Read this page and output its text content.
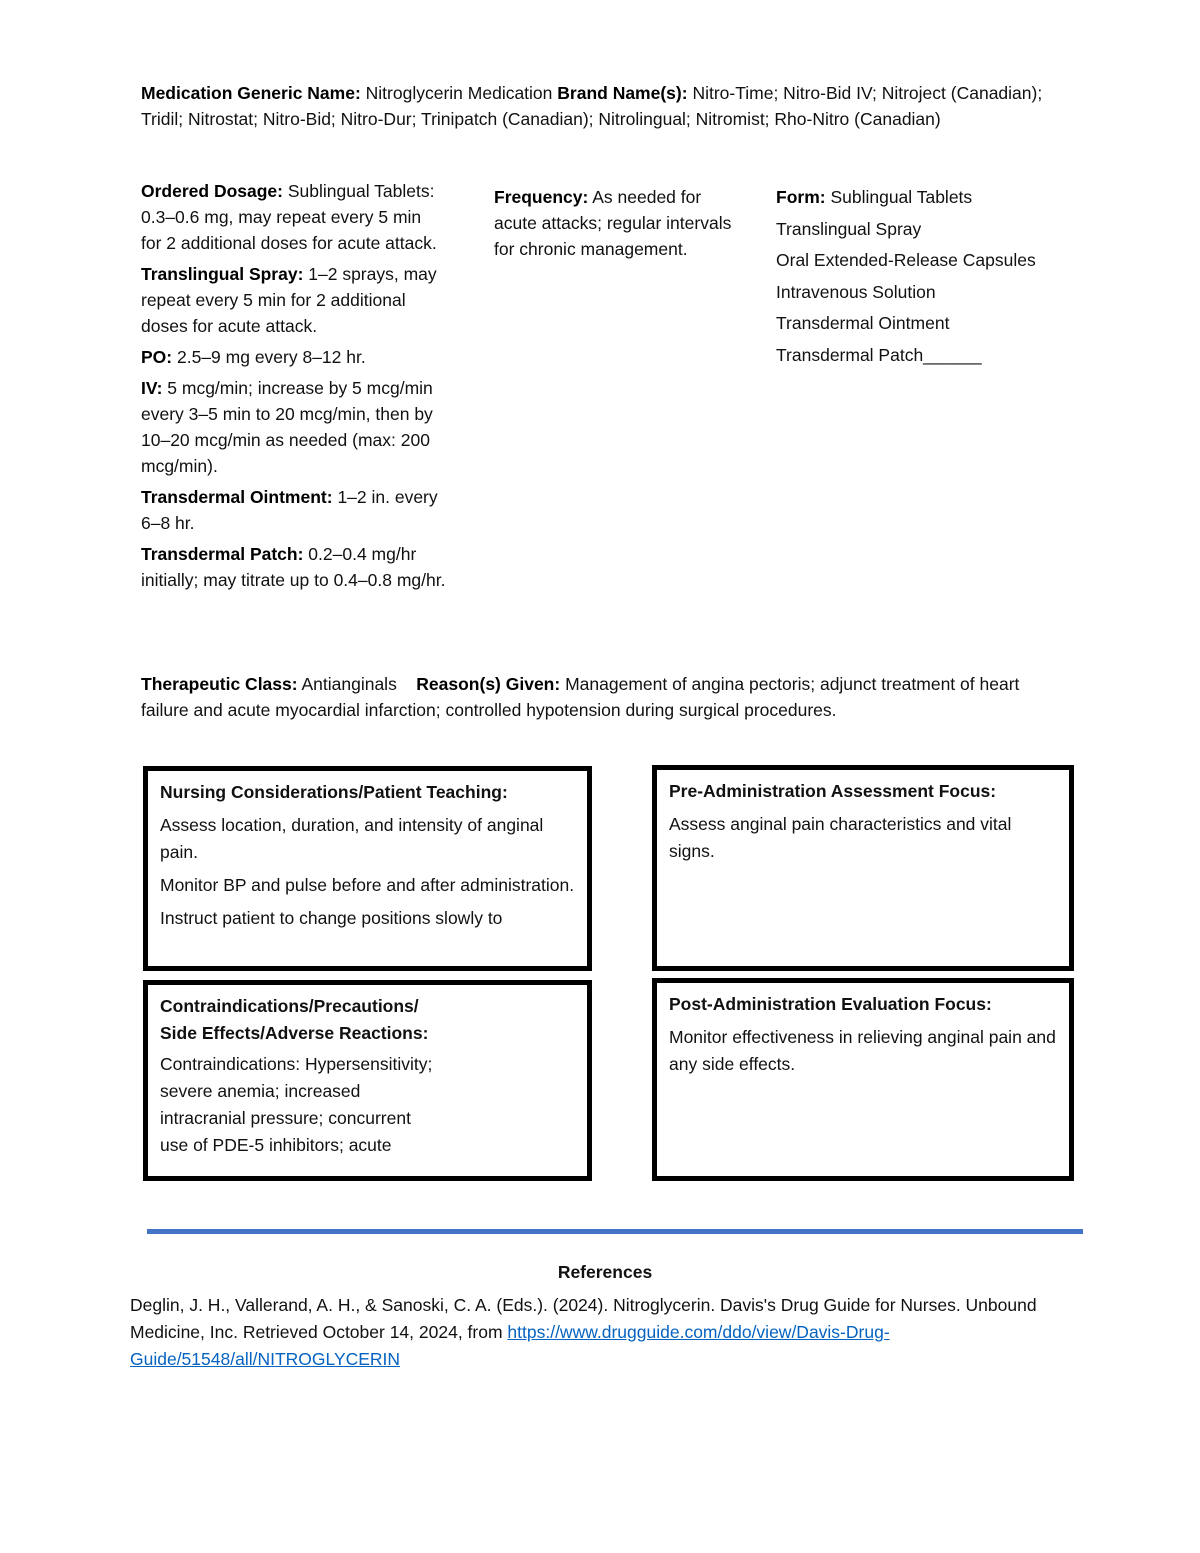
Medication Generic Name: Nitroglycerin Medication Brand Name(s): Nitro-Time; Nitro-Bid IV; Nitroject (Canadian); Tridil; Nitrostat; Nitro-Bid; Nitro-Dur; Trinipatch (Canadian); Nitrolingual; Nitromist; Rho-Nitro (Canadian)

Ordered Dosage: Sublingual Tablets: 0.3–0.6 mg, may repeat every 5 min for 2 additional doses for acute attack.

Translingual Spray: 1–2 sprays, may repeat every 5 min for 2 additional doses for acute attack.

PO: 2.5–9 mg every 8–12 hr.

IV: 5 mcg/min; increase by 5 mcg/min every 3–5 min to 20 mcg/min, then by 10–20 mcg/min as needed (max: 200 mcg/min).

Transdermal Ointment: 1–2 in. every 6–8 hr.

Transdermal Patch: 0.2–0.4 mg/hr initially; may titrate up to 0.4–0.8 mg/hr.

Frequency: As needed for acute attacks; regular intervals for chronic management.
Form: Sublingual Tablets
Translingual Spray
Oral Extended-Release Capsules
Intravenous Solution
Transdermal Ointment
Transdermal Patch______
Therapeutic Class: Antianginals    Reason(s) Given: Management of angina pectoris; adjunct treatment of heart failure and acute myocardial infarction; controlled hypotension during surgical procedures.
Nursing Considerations/Patient Teaching:

Assess location, duration, and intensity of anginal pain.

Monitor BP and pulse before and after administration.

Instruct patient to change positions slowly to

Pre-Administration Assessment Focus:

Assess anginal pain characteristics and vital signs.

Contraindications/Precautions/
Side Effects/Adverse Reactions:

Contraindications: Hypersensitivity;

severe anemia; increased

intracranial pressure; concurrent

use of PDE-5 inhibitors; acute

Post-Administration Evaluation Focus:

Monitor effectiveness in relieving anginal pain and any side effects.

References
Deglin, J. H., Vallerand, A. H., & Sanoski, C. A. (Eds.). (2024). Nitroglycerin. Davis's Drug Guide for Nurses. Unbound Medicine, Inc. Retrieved October 14, 2024, from https://www.drugguide.com/ddo/view/Davis-Drug-Guide/51548/all/NITROGLYCERIN
